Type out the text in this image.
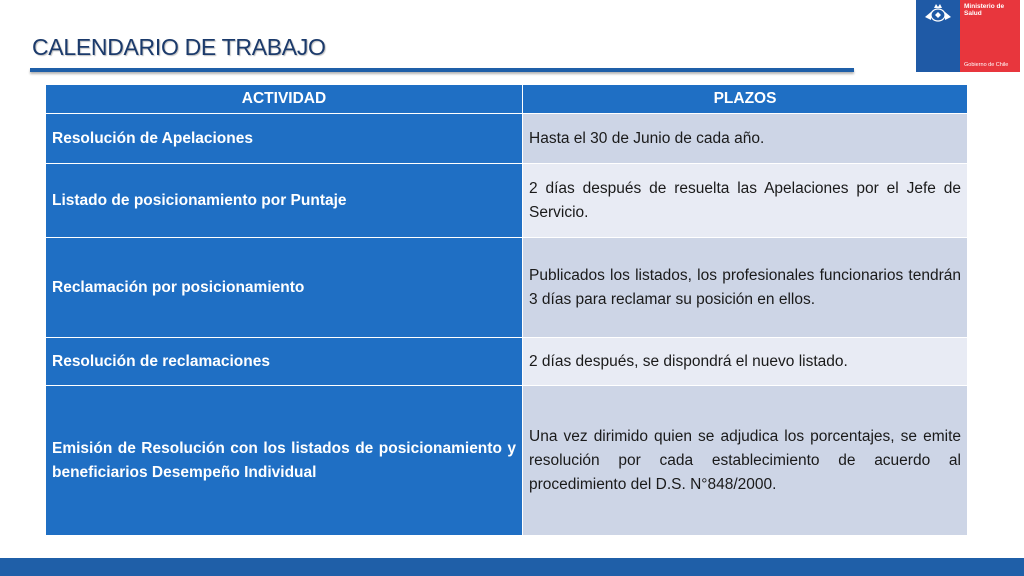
CALENDARIO DE TRABAJO
Ministerio de
Salud
Gobierno de Chile
ACTIVIDAD	PLAZOS
Resolución de Apelaciones	Hasta el 30 de Junio de cada año.
Listado de posicionamiento por Puntaje	2 días después de resuelta las Apelaciones por el Jefe de Servicio.
Reclamación por posicionamiento	Publicados los listados, los profesionales funcionarios tendrán 3 días para reclamar su posición en ellos.
Resolución de reclamaciones	2 días después, se dispondrá el nuevo listado.
Emisión de Resolución con los listados de posicionamiento y beneficiarios Desempeño Individual	Una vez dirimido quien se adjudica los porcentajes, se emite resolución por cada establecimiento de acuerdo al procedimiento del D.S. N°848/2000.
